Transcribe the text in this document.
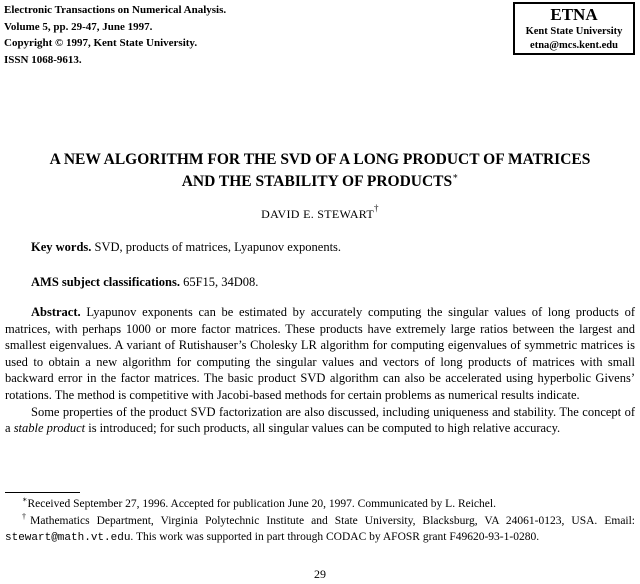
Electronic Transactions on Numerical Analysis.
Volume 5, pp. 29-47, June 1997.
Copyright © 1997, Kent State University.
ISSN 1068-9613.
ETNA
Kent State University
etna@mcs.kent.edu
A NEW ALGORITHM FOR THE SVD OF A LONG PRODUCT OF MATRICES
AND THE STABILITY OF PRODUCTS∗
DAVID E. STEWART†
Key words. SVD, products of matrices, Lyapunov exponents.
AMS subject classifications. 65F15, 34D08.

Abstract. Lyapunov exponents can be estimated by accurately computing the singular values of long products of matrices, with perhaps 1000 or more factor matrices. These products have extremely large ratios between the largest and smallest eigenvalues. A variant of Rutishauser’s Cholesky LR algorithm for computing eigenvalues of symmetric matrices is used to obtain a new algorithm for computing the singular values and vectors of long products of matrices with small backward error in the factor matrices. The basic product SVD algorithm can also be accelerated using hyperbolic Givens’ rotations. The method is competitive with Jacobi-based methods for certain problems as numerical results indicate.

Some properties of the product SVD factorization are also discussed, including uniqueness and stability. The concept of a stable product is introduced; for such products, all singular values can be computed to high relative accuracy.

∗Received September 27, 1996. Accepted for publication June 20, 1997. Communicated by L. Reichel.

†Mathematics Department, Virginia Polytechnic Institute and State University, Blacksburg, VA 24061-0123, USA. Email: stewart@math.vt.edu. This work was supported in part through CODAC by AFOSR grant F49620-93-1-0280.

29
